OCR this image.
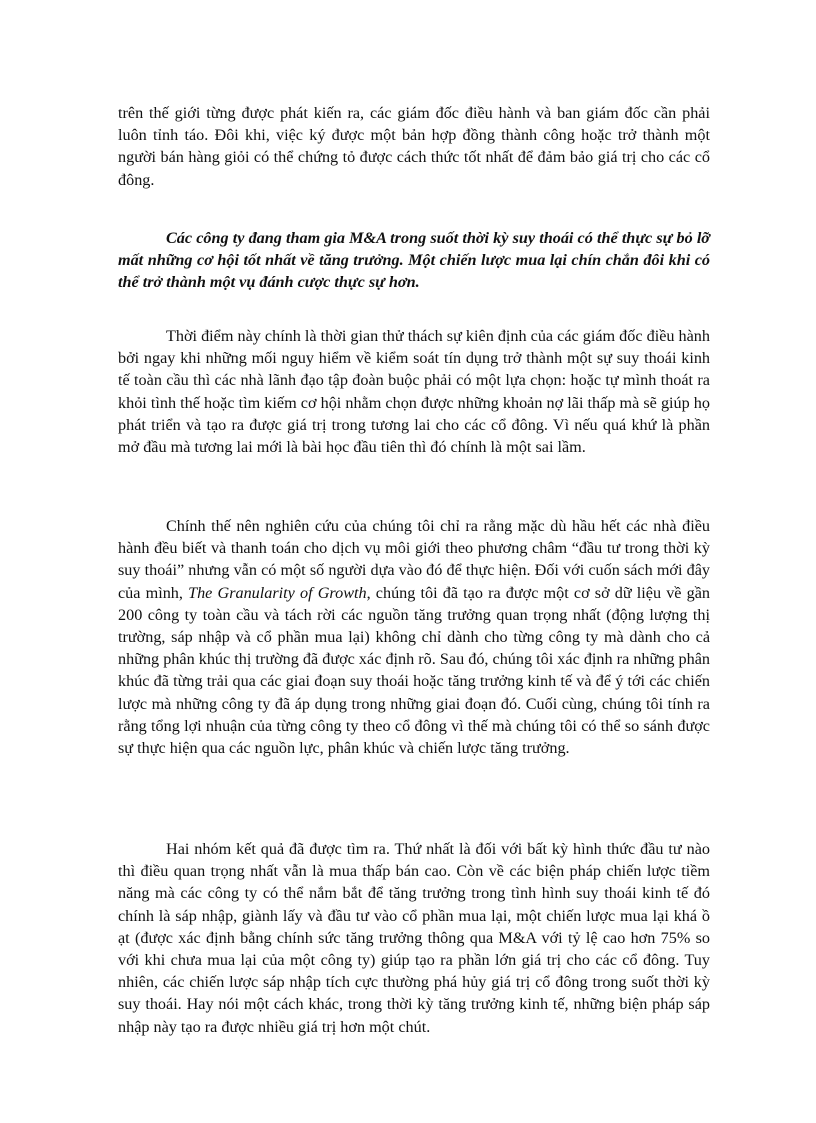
trên thế giới từng được phát kiến ra, các giám đốc điều hành và ban giám đốc cần phải luôn tỉnh táo. Đôi khi, việc ký được một bản hợp đồng thành công hoặc trở thành một người bán hàng giỏi có thể chứng tỏ được cách thức tốt nhất để đảm bảo giá trị cho các cổ đông.

Các công ty đang tham gia M&A trong suốt thời kỳ suy thoái có thể thực sự bỏ lỡ mất những cơ hội tốt nhất về tăng trưởng. Một chiến lược mua lại chín chắn đôi khi có thể trở thành một vụ đánh cược thực sự hơn.

Thời điểm này chính là thời gian thử thách sự kiên định của các giám đốc điều hành bởi ngay khi những mối nguy hiểm về kiểm soát tín dụng trở thành một sự suy thoái kinh tế toàn cầu thì các nhà lãnh đạo tập đoàn buộc phải có một lựa chọn: hoặc tự mình thoát ra khỏi tình thế hoặc tìm kiếm cơ hội nhằm chọn được những khoản nợ lãi thấp mà sẽ giúp họ phát triển và tạo ra được giá trị trong tương lai cho các cổ đông. Vì nếu quá khứ là phần mở đầu mà tương lai mới là bài học đầu tiên thì đó chính là một sai lầm.

Chính thế nên nghiên cứu của chúng tôi chỉ ra rằng mặc dù hầu hết các nhà điều hành đều biết và thanh toán cho dịch vụ môi giới theo phương châm “đầu tư trong thời kỳ suy thoái” nhưng vẫn có một số người dựa vào đó để thực hiện. Đối với cuốn sách mới đây của mình, The Granularity of Growth, chúng tôi đã tạo ra được một cơ sở dữ liệu về gần 200 công ty toàn cầu và tách rời các nguồn tăng trưởng quan trọng nhất (động lượng thị trường, sáp nhập và cổ phần mua lại) không chỉ dành cho từng công ty mà dành cho cả những phân khúc thị trường đã được xác định rõ. Sau đó, chúng tôi xác định ra những phân khúc đã từng trải qua các giai đoạn suy thoái hoặc tăng trưởng kinh tế và để ý tới các chiến lược mà những công ty đã áp dụng trong những giai đoạn đó. Cuối cùng, chúng tôi tính ra rằng tổng lợi nhuận của từng công ty theo cổ đông vì thế mà chúng tôi có thể so sánh được sự thực hiện qua các nguồn lực, phân khúc và chiến lược tăng trưởng.

Hai nhóm kết quả đã được tìm ra. Thứ nhất là đối với bất kỳ hình thức đầu tư nào thì điều quan trọng nhất vẫn là mua thấp bán cao. Còn về các biện pháp chiến lược tiềm năng mà các công ty có thể nắm bắt để tăng trưởng trong tình hình suy thoái kinh tế đó chính là sáp nhập, giành lấy và đầu tư vào cổ phần mua lại, một chiến lược mua lại khá ồ ạt (được xác định bằng chính sức tăng trưởng thông qua M&A với tỷ lệ cao hơn 75% so với khi chưa mua lại của một công ty) giúp tạo ra phần lớn giá trị cho các cổ đông. Tuy nhiên, các chiến lược sáp nhập tích cực thường phá hủy giá trị cổ đông trong suốt thời kỳ suy thoái. Hay nói một cách khác, trong thời kỳ tăng trưởng kinh tế, những biện pháp sáp nhập này tạo ra được nhiều giá trị hơn một chút.
